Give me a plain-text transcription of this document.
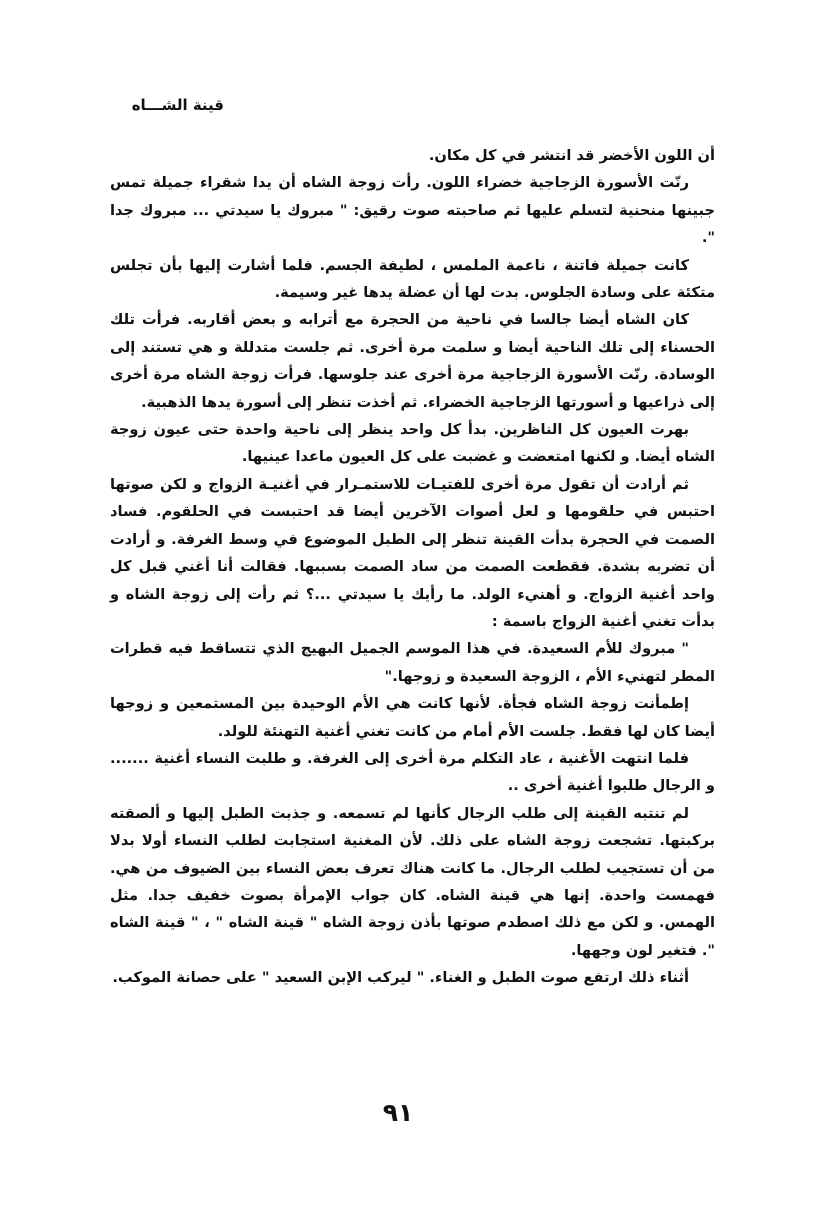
قينة الشـــاه

أن اللون الأخضر قد انتشر في كل مكان.

رنّت الأسورة الزجاجية خضراء اللون. رأت زوجة الشاه أن يدا شقراء جميلة تمس جبينها منحنية لتسلم عليها ثم صاحبته صوت رقيق: " مبروك يا سيدتي ... مبروك جدا ".

كانت جميلة فاتنة ، ناعمة الملمس ، لطيفة الجسم. فلما أشارت إليها بأن تجلس متكئة على وسادة الجلوس. بدت لها أن عضلة يدها غير وسيمة.

كان الشاه أيضا جالسا في ناحية من الحجرة مع أترابه و بعض أقاربه. فرأت تلك الحسناء إلى تلك الناحية أيضا و سلمت مرة أخرى. ثم جلست متدللة و هي تستند إلى الوسادة. رنّت الأسورة الزجاجية مرة أخرى عند جلوسها. فرأت زوجة الشاه مرة أخرى إلى ذراعيها و أسورتها الزجاجية الخضراء. ثم أخذت تنظر إلى أسورة يدها الذهبية.

بهرت العيون كل الناظرين. بدأ كل واحد ينظر إلى ناحية واحدة حتى عيون زوجة الشاه أيضا. و لكنها امتعضت و غضبت على كل العيون ماعدا عينيها.

ثم أرادت أن تقول مرة أخرى للفتيـات للاستمـرار في أغنيـة الزواج و لكن صوتها احتبس في حلقومها و لعل أصوات الآخرين أيضا قد احتبست في الحلقوم. فساد الصمت في الحجرة بدأت القينة تنظر إلى الطبل الموضوع في وسط الغرفة. و أرادت أن تضربه بشدة. فقطعت الصمت من ساد الصمت بسببها. فقالت أنا أغني قبل كل واحد أغنية الزواج. و أهنيء الولد. ما رأيك يا سيدتي ...؟ ثم رأت إلى زوجة الشاه و بدأت تغني أغنية الزواج باسمة :

" مبروك للأم السعيدة. في هذا الموسم الجميل البهيج الذي تتساقط فيه قطرات المطر لتهنيء الأم ، الزوجة السعيدة و زوجها."

إطمأنت زوجة الشاه فجأة. لأنها كانت هي الأم الوحيدة بين المستمعين و زوجها أيضا كان لها فقط. جلست الأم أمام من كانت تغني أغنية التهنئة للولد.

فلما انتهت الأغنية ، عاد التكلم مرة أخرى إلى الغرفة. و طلبت النساء أغنية ....... و الرجال طلبوا أغنية أخرى ..

لم تنتبه القينة إلى طلب الرجال كأنها لم تسمعه. و جذبت الطبل إليها و ألصقته بركبتها. تشجعت زوجة الشاه على ذلك. لأن المغنية استجابت لطلب النساء أولا بدلا من أن تستجيب لطلب الرجال. ما كانت هناك تعرف بعض النساء بين الضيوف من هي. فهمست واحدة. إنها هي قينة الشاه. كان جواب الإمرأة بصوت خفيف جدا. مثل الهمس. و لكن مع ذلك اصطدم صوتها بأذن زوجة الشاه " قينة الشاه " ، " قينة الشاه ". فتغير لون وجهها.

أثناء ذلك ارتفع صوت الطبل و الغناء. " ليركب الإبن السعيد " على حصانة الموكب.

٩١
